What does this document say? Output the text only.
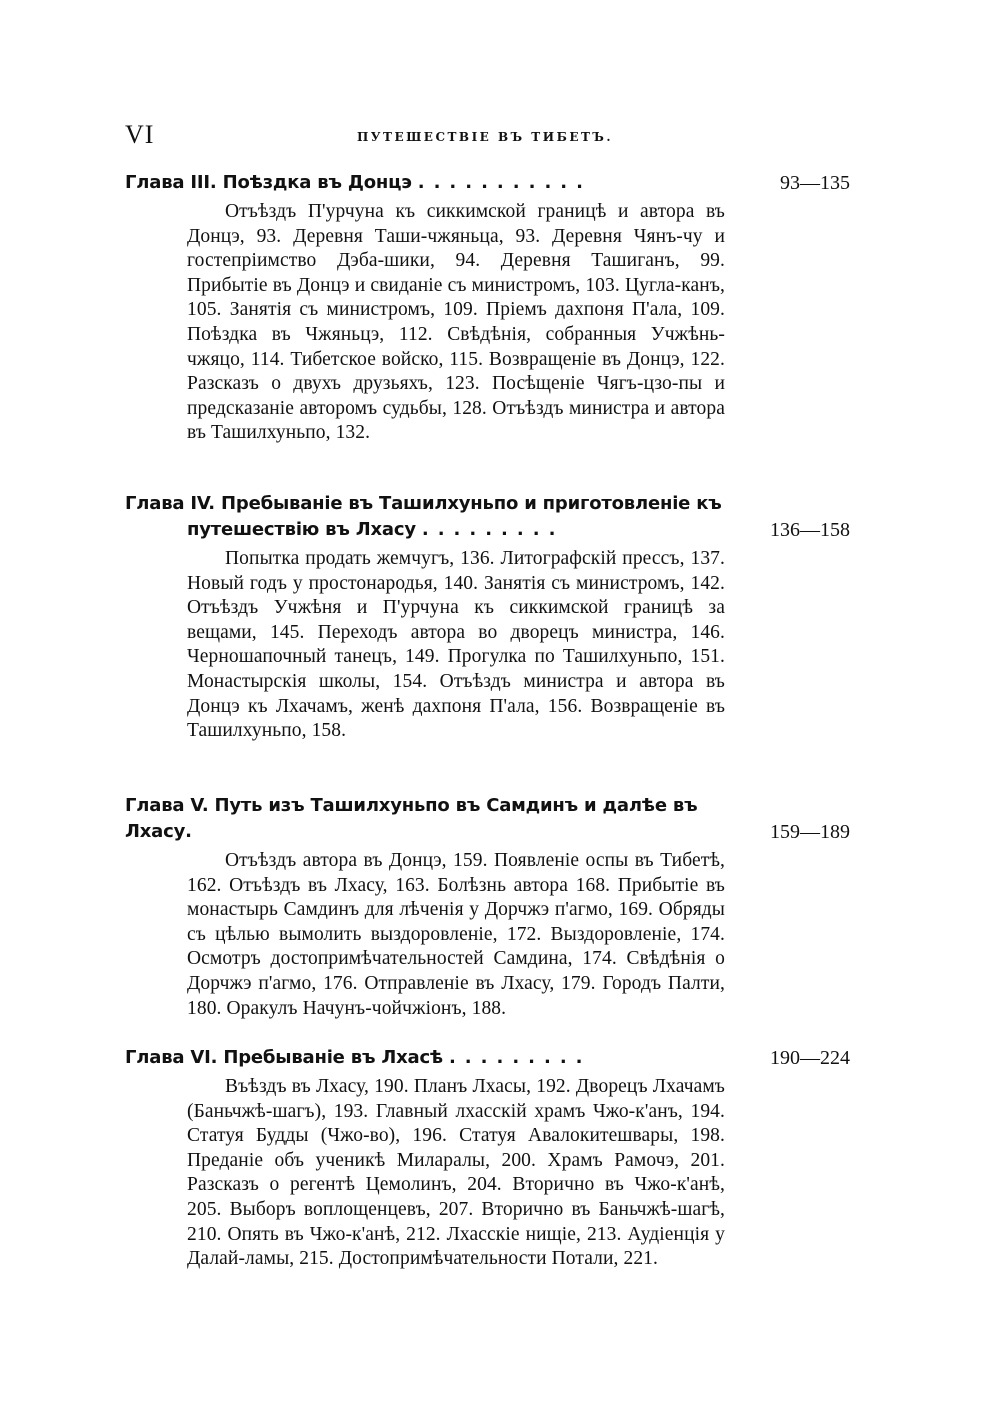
VI	ПУТЕШЕСТВІЕ ВЪ ТИБЕТЪ.
Глава III. Поѣздка въ Донцэ ...........	93—135
Отъѣздъ П'урчуна къ сиккимской границѣ и автора въ Донцэ, 93. Деревня Таши-чжяньца, 93. Деревня Чянъ-чу и гостепріимство Дэба-шики, 94. Деревня Ташиганъ, 99. Прибытіе въ Донцэ и свиданіе съ министромъ, 103. Цугла-канъ, 105. Занятія съ министромъ, 109. Пріемъ дахпоня П'ала, 109. Поѣздка въ Чжяньцэ, 112. Свѣдѣнія, собранныя Учжѣнь-чжяцо, 114. Тибетское войско, 115. Возвращеніе въ Донцэ, 122. Разсказъ о двухъ друзьяхъ, 123. Посѣщеніе Чягъ-цзо-пы и предсказаніе авторомъ судьбы, 128. Отъѣздъ министра и автора въ Ташилхуньпо, 132.
Глава IV. Пребываніе въ Ташилхуньпо и приготовленіе къ путешествію въ Лхасу .........	136—158
Попытка продать жемчугъ, 136. Литографскій прессъ, 137. Новый годъ у простонародья, 140. Занятія съ министромъ, 142. Отъѣздъ Учжѣня и П'урчуна къ сиккимской границѣ за вещами, 145. Переходъ автора во дворецъ министра, 146. Черношапочный танецъ, 149. Прогулка по Ташилхуньпо, 151. Монастырскія школы, 154. Отъѣздъ министра и автора въ Донцэ къ Лхачамъ, женѣ дахпоня П'ала, 156. Возвращеніе въ Ташилхуньпо, 158.
Глава V. Путь изъ Ташилхуньпо въ Самдинъ и далѣе въ Лхасу.	159—189
Отъѣздъ автора въ Донцэ, 159. Появленіе оспы въ Тибетѣ, 162. Отъѣздъ въ Лхасу, 163. Болѣзнь автора 168. Прибытіе въ монастырь Самдинъ для лѣченія у Дорчжэ п'агмо, 169. Обряды съ цѣлью вымолить выздоровленіе, 172. Выздоровленіе, 174. Осмотръ достопримѣчательностей Самдина, 174. Свѣдѣнія о Дорчжэ п'агмо, 176. Отправленіе въ Лхасу, 179. Городъ Палти, 180. Оракулъ Начунъ-чойчжіонъ, 188.
Глава VI. Пребываніе въ Лхасѣ .........	190—224
Въѣздъ въ Лхасу, 190. Планъ Лхасы, 192. Дворецъ Лхачамъ (Баньчжѣ-шагъ), 193. Главный лхасскій храмъ Чжо-к'анъ, 194. Статуя Будды (Чжо-во), 196. Статуя Авалокитешвары, 198. Преданіе объ ученикѣ Миларалы, 200. Храмъ Рамочэ, 201. Разсказъ о регентѣ Цемолинъ, 204. Вторично въ Чжо-к'анѣ, 205. Выборъ воплощенцевъ, 207. Вторично въ Баньчжѣ-шагѣ, 210. Опять въ Чжо-к'анѣ, 212. Лхасскіе нищіе, 213. Аудіенція у Далай-ламы, 215. Достопримѣчательности Потали, 221.
